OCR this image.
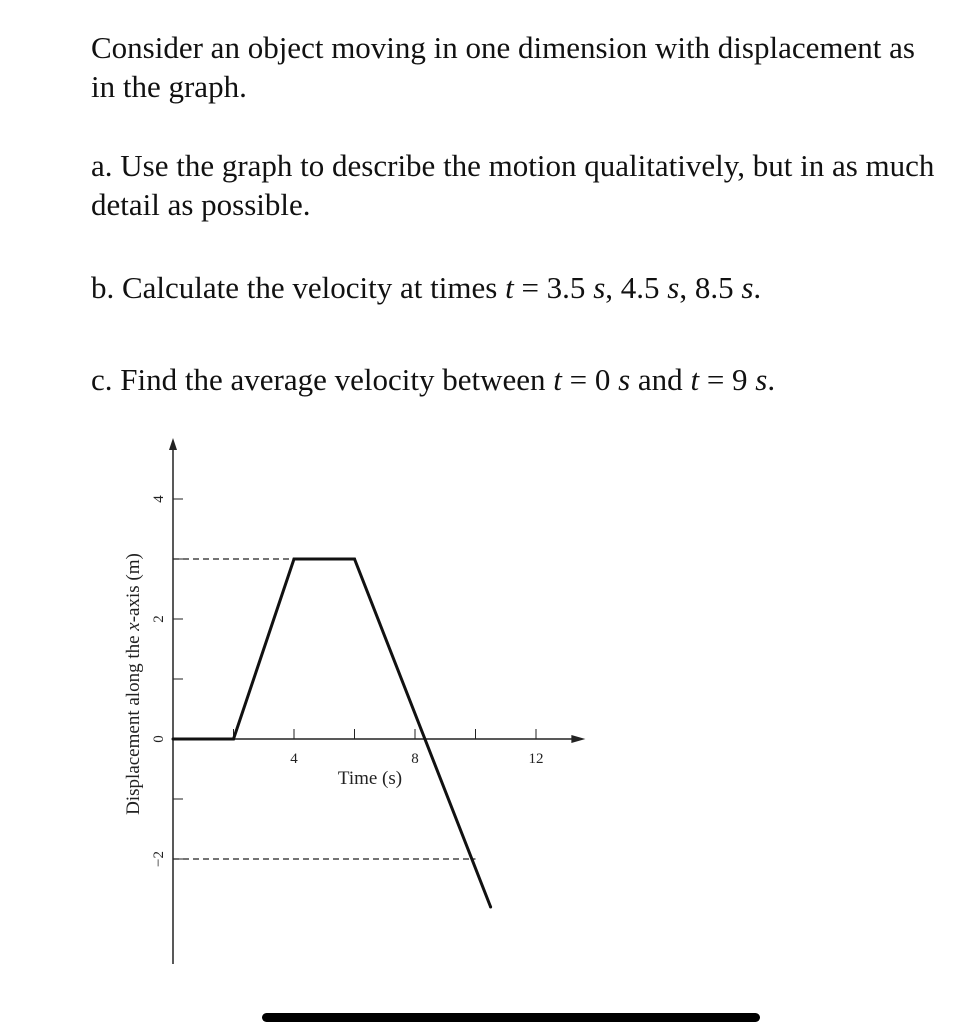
Consider an object moving in one dimension with displacement as in the graph.

a. Use the graph to describe the motion qualitatively, but in as much detail as possible.

b. Calculate the velocity at times t = 3.5 s, 4.5 s, 8.5 s.

c. Find the average velocity between t = 0 s and t = 9 s.

4	8	12
4
2
0
−2
Time (s)
Displacement along the x-axis (m)
